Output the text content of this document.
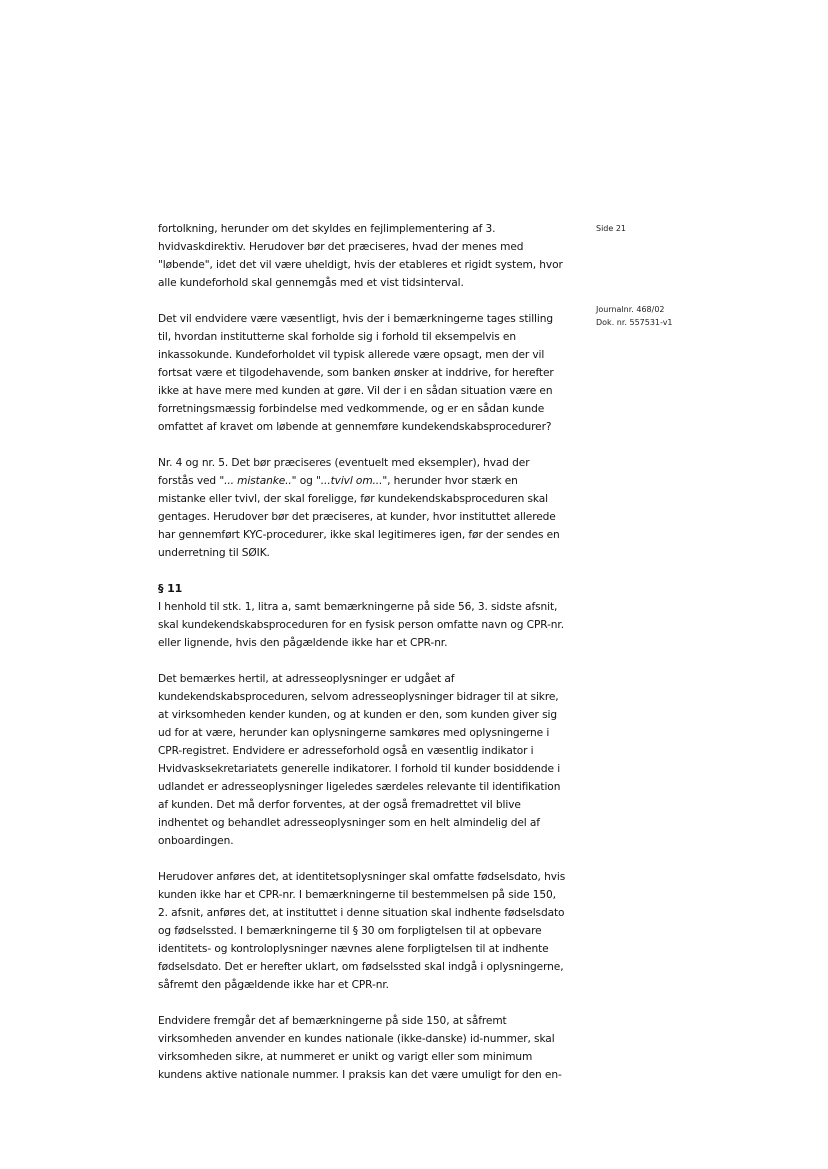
Side 21
Journalnr. 468/02
Dok. nr. 557531-v1

fortolkning, herunder om det skyldes en fejlimplementering af 3. hvidvaskdirektiv. Herudover bør det præciseres, hvad der menes med "løbende", idet det vil være uheldigt, hvis der etableres et rigidt system, hvor alle kundeforhold skal gennemgås med et vist tidsinterval.

Det vil endvidere være væsentligt, hvis der i bemærkningerne tages stilling til, hvordan institutterne skal forholde sig i forhold til eksempelvis en inkassokunde. Kundeforholdet vil typisk allerede være opsagt, men der vil fortsat være et tilgodehavende, som banken ønsker at inddrive, for herefter ikke at have mere med kunden at gøre. Vil der i en sådan situation være en forretningsmæssig forbindelse med vedkommende, og er en sådan kunde omfattet af kravet om løbende at gennemføre kundekendskabsprocedurer?

Nr. 4 og nr. 5. Det bør præciseres (eventuelt med eksempler), hvad der forstås ved "... mistanke.." og "...tvivl om...", herunder hvor stærk en mistanke eller tvivl, der skal foreligge, før kundekendskabsproceduren skal gentages. Herudover bør det præciseres, at kunder, hvor instituttet allerede har gennemført KYC-procedurer, ikke skal legitimeres igen, før der sendes en underretning til SØIK.

§ 11

I henhold til stk. 1, litra a, samt bemærkningerne på side 56, 3. sidste afsnit, skal kundekendskabsproceduren for en fysisk person omfatte navn og CPR-nr. eller lignende, hvis den pågældende ikke har et CPR-nr.

Det bemærkes hertil, at adresseoplysninger er udgået af kundekendskabsproceduren, selvom adresseoplysninger bidrager til at sikre, at virksomheden kender kunden, og at kunden er den, som kunden giver sig ud for at være, herunder kan oplysningerne samkøres med oplysningerne i CPR-registret. Endvidere er adresseforhold også en væsentlig indikator i Hvidvasksekretariatets generelle indikatorer. I forhold til kunder bosiddende i udlandet er adresseoplysninger ligeledes særdeles relevante til identifikation af kunden. Det må derfor forventes, at der også fremadrettet vil blive indhentet og behandlet adresseoplysninger som en helt almindelig del af onboardingen.

Herudover anføres det, at identitetsoplysninger skal omfatte fødselsdato, hvis kunden ikke har et CPR-nr. I bemærkningerne til bestemmelsen på side 150, 2. afsnit, anføres det, at instituttet i denne situation skal indhente fødselsdato og fødselssted. I bemærkningerne til § 30 om forpligtelsen til at opbevare identitets- og kontroloplysninger nævnes alene forpligtelsen til at indhente fødselsdato. Det er herefter uklart, om fødselssted skal indgå i oplysningerne, såfremt den pågældende ikke har et CPR-nr.

Endvidere fremgår det af bemærkningerne på side 150, at såfremt virksomheden anvender en kundes nationale (ikke-danske) id-nummer, skal virksomheden sikre, at nummeret er unikt og varigt eller som minimum kundens aktive nationale nummer. I praksis kan det være umuligt for den en-
